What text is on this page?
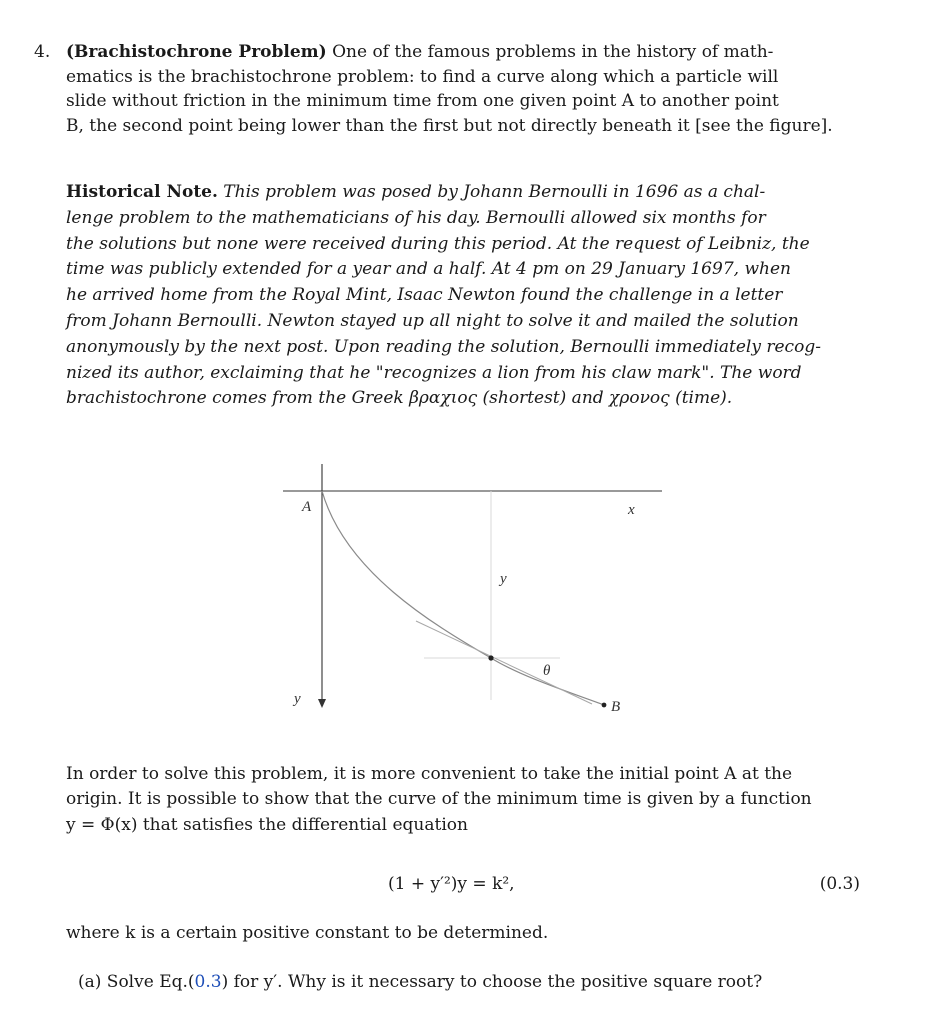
4. (Brachistochrone Problem) One of the famous problems in the history of math-
ematics is the brachistochrone problem: to find a curve along which a particle will
slide without friction in the minimum time from one given point A to another point
B, the second point being lower than the first but not directly beneath it [see the figure].

Historical Note. This problem was posed by Johann Bernoulli in 1696 as a chal-
lenge problem to the mathematicians of his day. Bernoulli allowed six months for
the solutions but none were received during this period. At the request of Leibniz, the
time was publicly extended for a year and a half. At 4 pm on 29 January 1697, when
he arrived home from the Royal Mint, Isaac Newton found the challenge in a letter
from Johann Bernoulli. Newton stayed up all night to solve it and mailed the solution
anonymously by the next post. Upon reading the solution, Bernoulli immediately recog-
nized its author, exclaiming that he "recognizes a lion from his claw mark". The word
brachistochrone comes from the Greek βραχιος (shortest) and χρονος (time).

A	x
y
θ
y	B

In order to solve this problem, it is more convenient to take the initial point A at the
origin. It is possible to show that the curve of the minimum time is given by a function
y = Φ(x) that satisfies the differential equation

(1 + y′²)y = k²,	(0.3)

where k is a certain positive constant to be determined.

(a) Solve Eq.(0.3) for y′. Why is it necessary to choose the positive square root?
